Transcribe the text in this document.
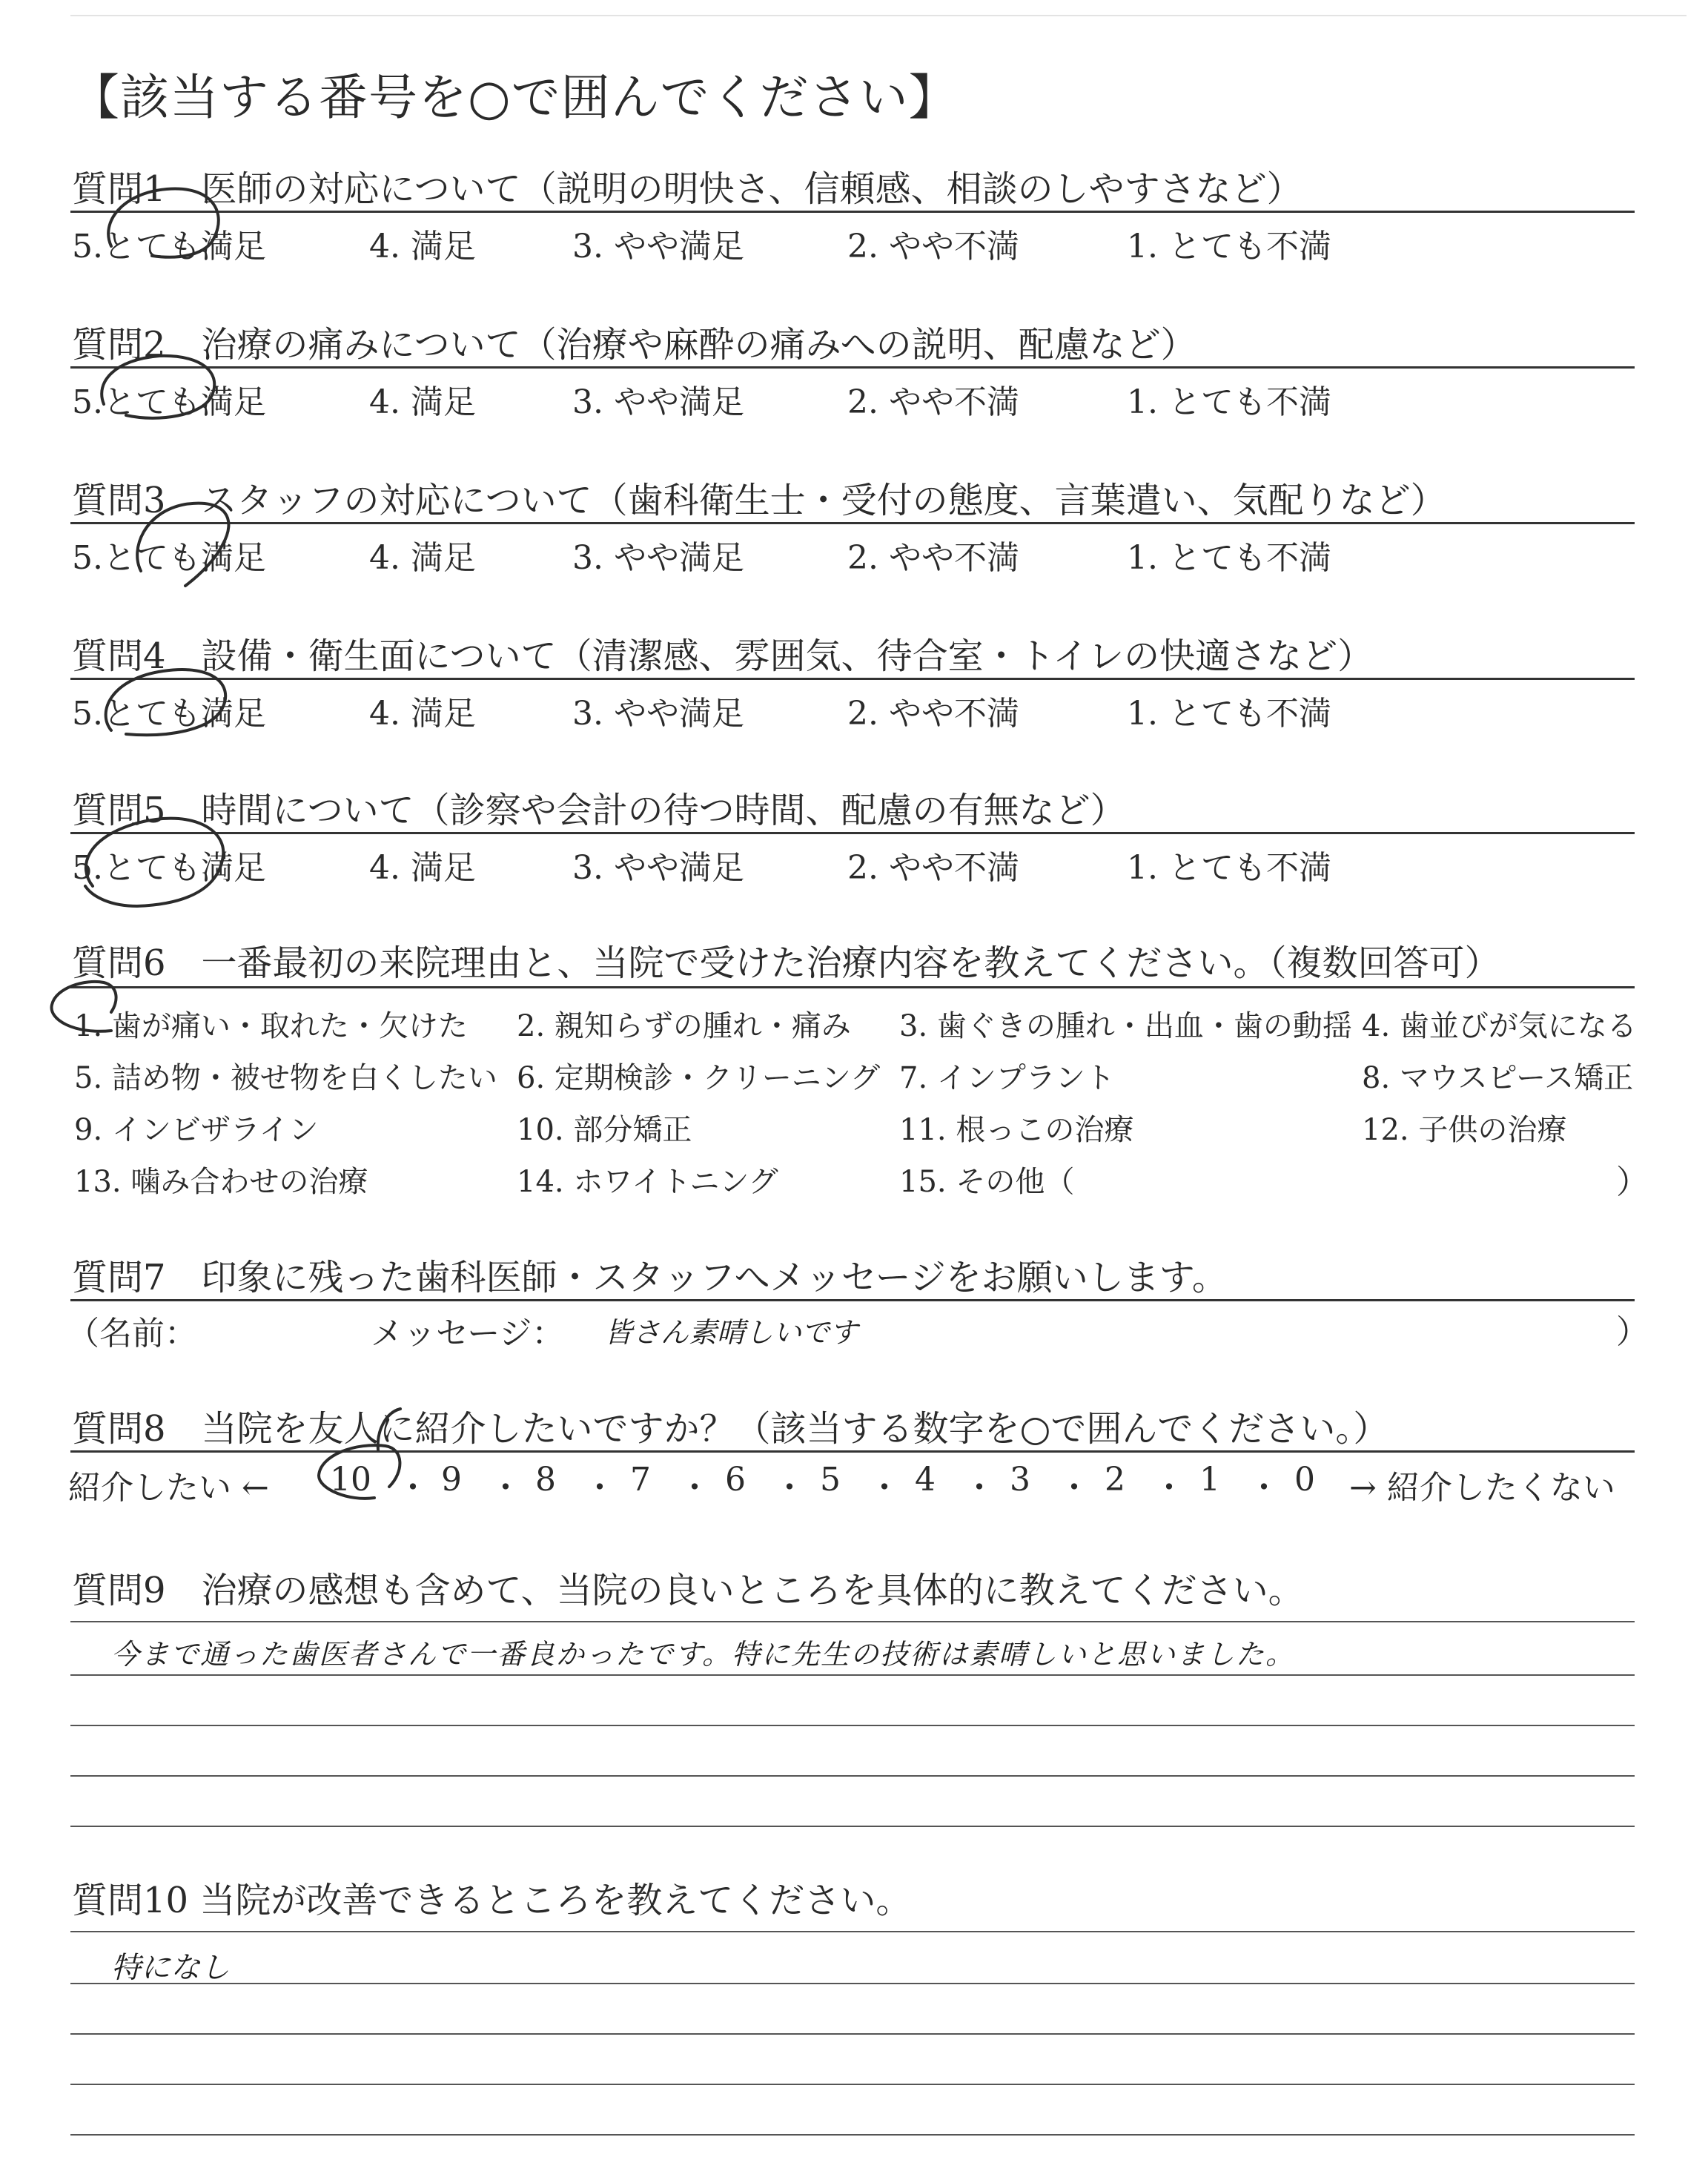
【該当する番号を○で囲んでください】
質問1　医師の対応について（説明の明快さ、信頼感、相談のしやすさなど）
5.とても満足	4. 満足	3. やや満足	2. やや不満	1. とても不満
質問2　治療の痛みについて（治療や麻酔の痛みへの説明、配慮など）
5.とても満足	4. 満足	3. やや満足	2. やや不満	1. とても不満
質問3　スタッフの対応について（歯科衛生士・受付の態度、言葉遣い、気配りなど）
5.とても満足	4. 満足	3. やや満足	2. やや不満	1. とても不満
質問4　設備・衛生面について（清潔感、雰囲気、待合室・トイレの快適さなど）
5.とても満足	4. 満足	3. やや満足	2. やや不満	1. とても不満
質問5　時間について（診察や会計の待つ時間、配慮の有無など）
5.とても満足	4. 満足	3. やや満足	2. やや不満	1. とても不満
質問6　一番最初の来院理由と、当院で受けた治療内容を教えてください。（複数回答可）
1. 歯が痛い・取れた・欠けた 2. 親知らずの腫れ・痛み 3. 歯ぐきの腫れ・出血・歯の動揺 4. 歯並びが気になる
5. 詰め物・被せ物を白くしたい 6. 定期検診・クリーニング 7. インプラント	8. マウスピース矯正
9. インビザライン	10. 部分矯正	11. 根っこの治療	12. 子供の治療
13. 噛み合わせの治療	14. ホワイトニング	15. その他（	）
質問7　印象に残った歯科医師・スタッフへメッセージをお願いします。
（名前：	メッセージ： 皆さん素晴しいです	）
質問8　当院を友人に紹介したいですか？（該当する数字を○で囲んでください。）
紹介したい ← 10 ・ 9 ・ 8 ・ 7 ・ 6 ・ 5 ・ 4 ・ 3 ・ 2 ・ 1 ・ 0 → 紹介したくない
質問9　治療の感想も含めて、当院の良いところを具体的に教えてください。
今まで通った歯医者さんで一番良かったです。特に先生の技術は素晴しいと思いました。
質問10 当院が改善できるところを教えてください。
特になし
